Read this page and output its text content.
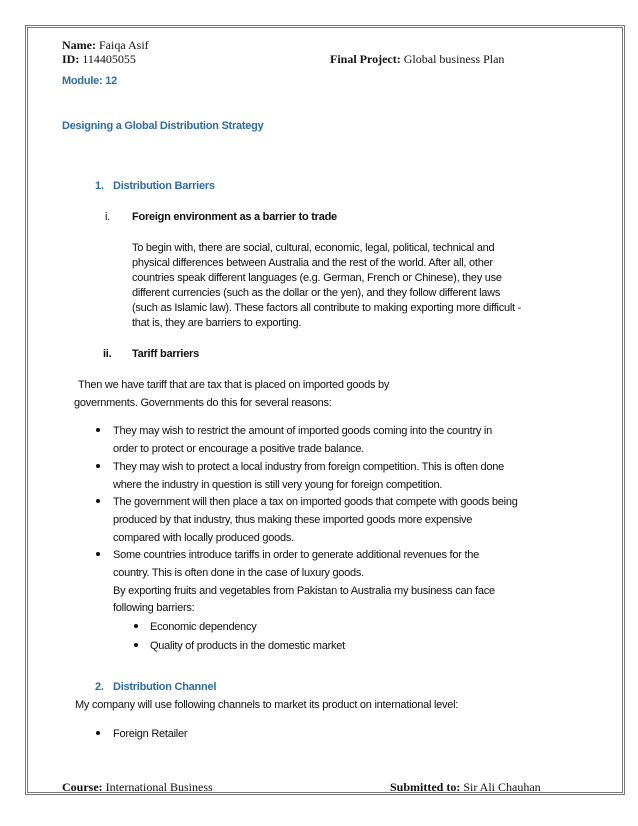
Name: Faiqa Asif
ID: 114405055	Final Project: Global business Plan
Module: 12
Designing a Global Distribution Strategy
1. Distribution Barriers
i. Foreign environment as a barrier to trade
To begin with, there are social, cultural, economic, legal, political, technical and
physical differences between Australia and the rest of the world. After all, other
countries speak different languages (e.g. German, French or Chinese), they use
different currencies (such as the dollar or the yen), and they follow different laws
(such as Islamic law). These factors all contribute to making exporting more difficult -
that is, they are barriers to exporting.
ii. Tariff barriers
Then we have tariff that are tax that is placed on imported goods by
governments. Governments do this for several reasons:
They may wish to restrict the amount of imported goods coming into the country in
order to protect or encourage a positive trade balance.
They may wish to protect a local industry from foreign competition. This is often done
where the industry in question is still very young for foreign competition.
The government will then place a tax on imported goods that compete with goods being
produced by that industry, thus making these imported goods more expensive
compared with locally produced goods.
Some countries introduce tariffs in order to generate additional revenues for the
country. This is often done in the case of luxury goods.
By exporting fruits and vegetables from Pakistan to Australia my business can face
following barriers:
Economic dependency
Quality of products in the domestic market
2. Distribution Channel
My company will use following channels to market its product on international level:
Foreign Retailer
Course: International Business	Submitted to: Sir Ali Chauhan
